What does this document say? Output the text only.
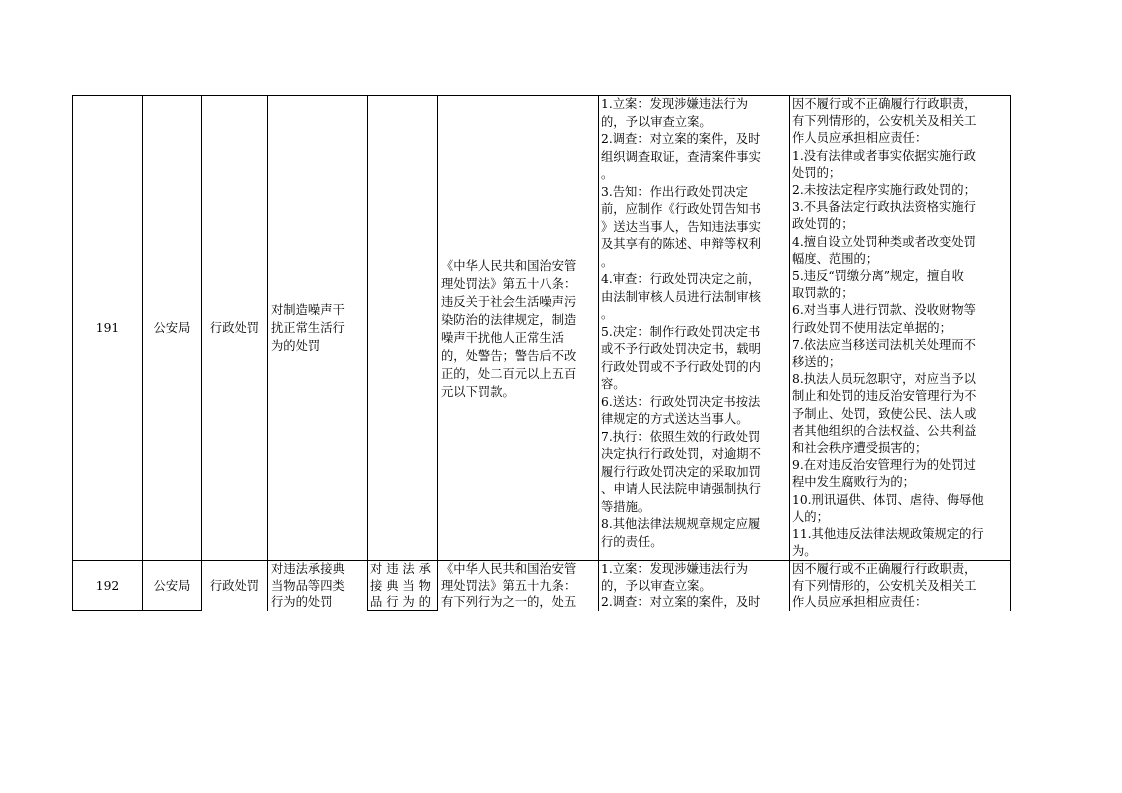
191	公安局 行政处罚
对制造噪声干
扰正常生活行
为的处罚
《中华人民共和国治安管
理处罚法》第五十八条：
违反关于社会生活噪声污
染防治的法律规定，制造
噪声干扰他人正常生活
的，处警告；警告后不改
正的，处二百元以上五百
元以下罚款。
1.立案：发现涉嫌违法行为
的，予以审查立案。
2.调查：对立案的案件，及时
组织调查取证，查清案件事实
。
3.告知：作出行政处罚决定
前，应制作《行政处罚告知书
》送达当事人，告知违法事实
及其享有的陈述、申辩等权利
。
4.审查：行政处罚决定之前，
由法制审核人员进行法制审核
。
5.决定：制作行政处罚决定书
或不予行政处罚决定书，载明
行政处罚或不予行政处罚的内
容。
6.送达：行政处罚决定书按法
律规定的方式送达当事人。
7.执行：依照生效的行政处罚
决定执行行政处罚，对逾期不
履行行政处罚决定的采取加罚
、申请人民法院申请强制执行
等措施。
8.其他法律法规规章规定应履
行的责任。
因不履行或不正确履行行政职责，
有下列情形的，公安机关及相关工
作人员应承担相应责任：
1.没有法律或者事实依据实施行政
处罚的；
2.未按法定程序实施行政处罚的；
3.不具备法定行政执法资格实施行
政处罚的；
4.擅自设立处罚种类或者改变处罚
幅度、范围的；
5.违反“罚缴分离”规定，擅自收
取罚款的；
6.对当事人进行罚款、没收财物等
行政处罚不使用法定单据的；
7.依法应当移送司法机关处理而不
移送的；
8.执法人员玩忽职守，对应当予以
制止和处罚的违反治安管理行为不
予制止、处罚，致使公民、法人或
者其他组织的合法权益、公共利益
和社会秩序遭受损害的；
9.在对违反治安管理行为的处罚过
程中发生腐败行为的；
10.刑讯逼供、体罚、虐待、侮辱他
人的；
11.其他违反法律法规政策规定的行
为。
192	公安局 行政处罚
对违法承接典
当物品等四类
行为的处罚
对 违 法 承
接 典 当 物
品 行 为 的
《中华人民共和国治安管
理处罚法》第五十九条：
有下列行为之一的，处五
1.立案：发现涉嫌违法行为
的，予以审查立案。
2.调查：对立案的案件，及时
因不履行或不正确履行行政职责，
有下列情形的，公安机关及相关工
作人员应承担相应责任：
